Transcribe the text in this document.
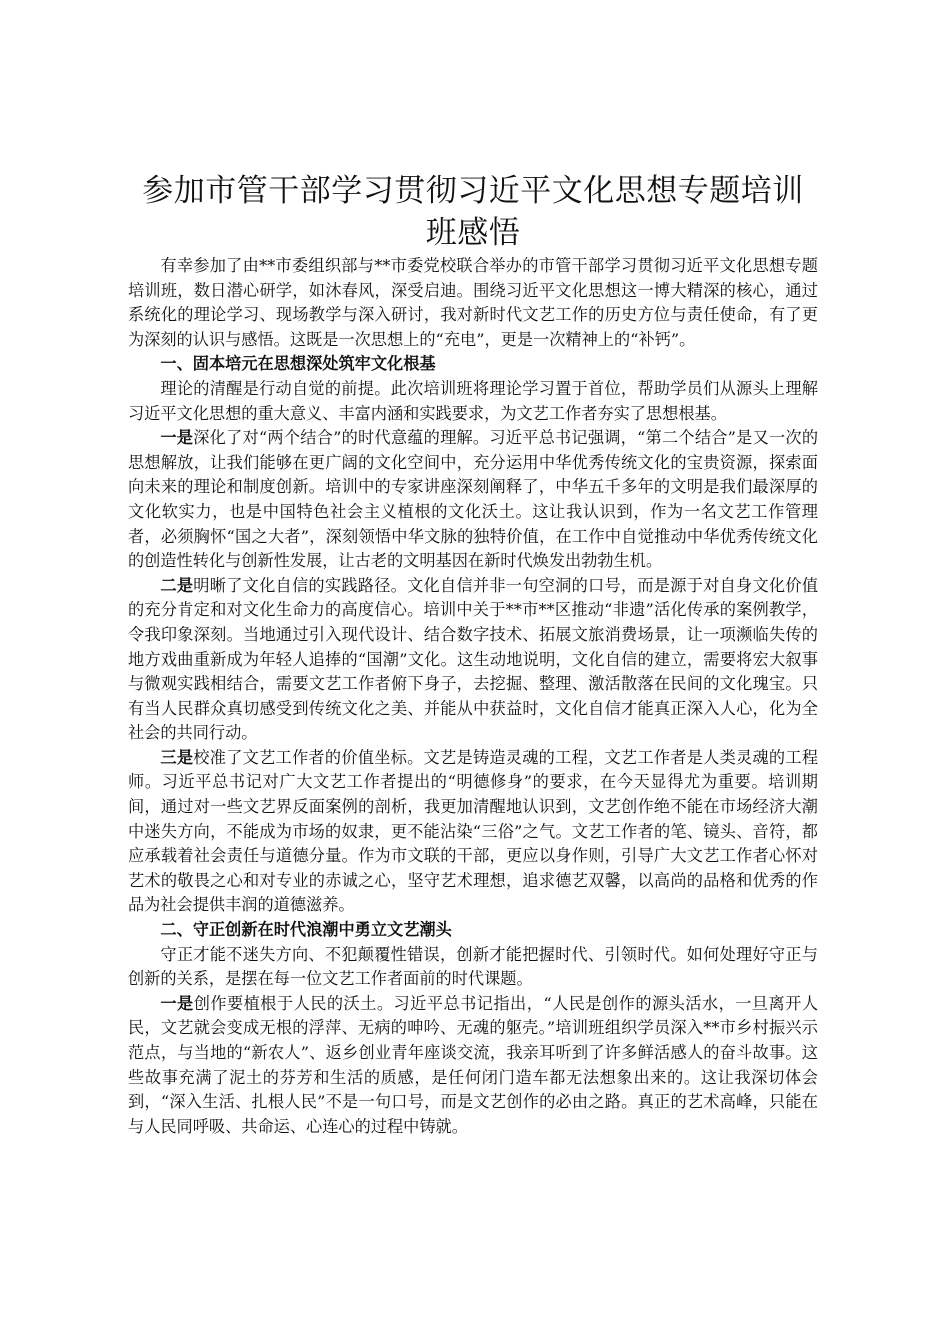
参加市管干部学习贯彻习近平文化思想专题培训班感悟

有幸参加了由**市委组织部与**市委党校联合举办的市管干部学习贯彻习近平文化思想专题培训班，数日潜心研学，如沐春风，深受启迪。围绕习近平文化思想这一博大精深的核心，通过系统化的理论学习、现场教学与深入研讨，我对新时代文艺工作的历史方位与责任使命，有了更为深刻的认识与感悟。这既是一次思想上的“充电”，更是一次精神上的“补钙”。

一、固本培元在思想深处筑牢文化根基

理论的清醒是行动自觉的前提。此次培训班将理论学习置于首位，帮助学员们从源头上理解习近平文化思想的重大意义、丰富内涵和实践要求，为文艺工作者夯实了思想根基。

一是深化了对“两个结合”的时代意蕴的理解。习近平总书记强调，“第二个结合”是又一次的思想解放，让我们能够在更广阔的文化空间中，充分运用中华优秀传统文化的宝贵资源，探索面向未来的理论和制度创新。培训中的专家讲座深刻阐释了，中华五千多年的文明是我们最深厚的文化软实力，也是中国特色社会主义植根的文化沃土。这让我认识到，作为一名文艺工作管理者，必须胸怀“国之大者”，深刻领悟中华文脉的独特价值，在工作中自觉推动中华优秀传统文化的创造性转化与创新性发展，让古老的文明基因在新时代焕发出勃勃生机。

二是明晰了文化自信的实践路径。文化自信并非一句空洞的口号，而是源于对自身文化价值的充分肯定和对文化生命力的高度信心。培训中关于**市**区推动“非遗”活化传承的案例教学，令我印象深刻。当地通过引入现代设计、结合数字技术、拓展文旅消费场景，让一项濒临失传的地方戏曲重新成为年轻人追捧的“国潮”文化。这生动地说明，文化自信的建立，需要将宏大叙事与微观实践相结合，需要文艺工作者俯下身子，去挖掘、整理、激活散落在民间的文化瑰宝。只有当人民群众真切感受到传统文化之美、并能从中获益时，文化自信才能真正深入人心，化为全社会的共同行动。

三是校准了文艺工作者的价值坐标。文艺是铸造灵魂的工程，文艺工作者是人类灵魂的工程师。习近平总书记对广大文艺工作者提出的“明德修身”的要求，在今天显得尤为重要。培训期间，通过对一些文艺界反面案例的剖析，我更加清醒地认识到，文艺创作绝不能在市场经济大潮中迷失方向，不能成为市场的奴隶，更不能沾染“三俗”之气。文艺工作者的笔、镜头、音符，都应承载着社会责任与道德分量。作为市文联的干部，更应以身作则，引导广大文艺工作者心怀对艺术的敬畏之心和对专业的赤诚之心，坚守艺术理想，追求德艺双馨，以高尚的品格和优秀的作品为社会提供丰润的道德滋养。

二、守正创新在时代浪潮中勇立文艺潮头

守正才能不迷失方向、不犯颠覆性错误，创新才能把握时代、引领时代。如何处理好守正与创新的关系，是摆在每一位文艺工作者面前的时代课题。

一是创作要植根于人民的沃土。习近平总书记指出，“人民是创作的源头活水，一旦离开人民，文艺就会变成无根的浮萍、无病的呻吟、无魂的躯壳。”培训班组织学员深入**市乡村振兴示范点，与当地的“新农人”、返乡创业青年座谈交流，我亲耳听到了许多鲜活感人的奋斗故事。这些故事充满了泥土的芬芳和生活的质感，是任何闭门造车都无法想象出来的。这让我深切体会到，“深入生活、扎根人民”不是一句口号，而是文艺创作的必由之路。真正的艺术高峰，只能在与人民同呼吸、共命运、心连心的过程中铸就。
